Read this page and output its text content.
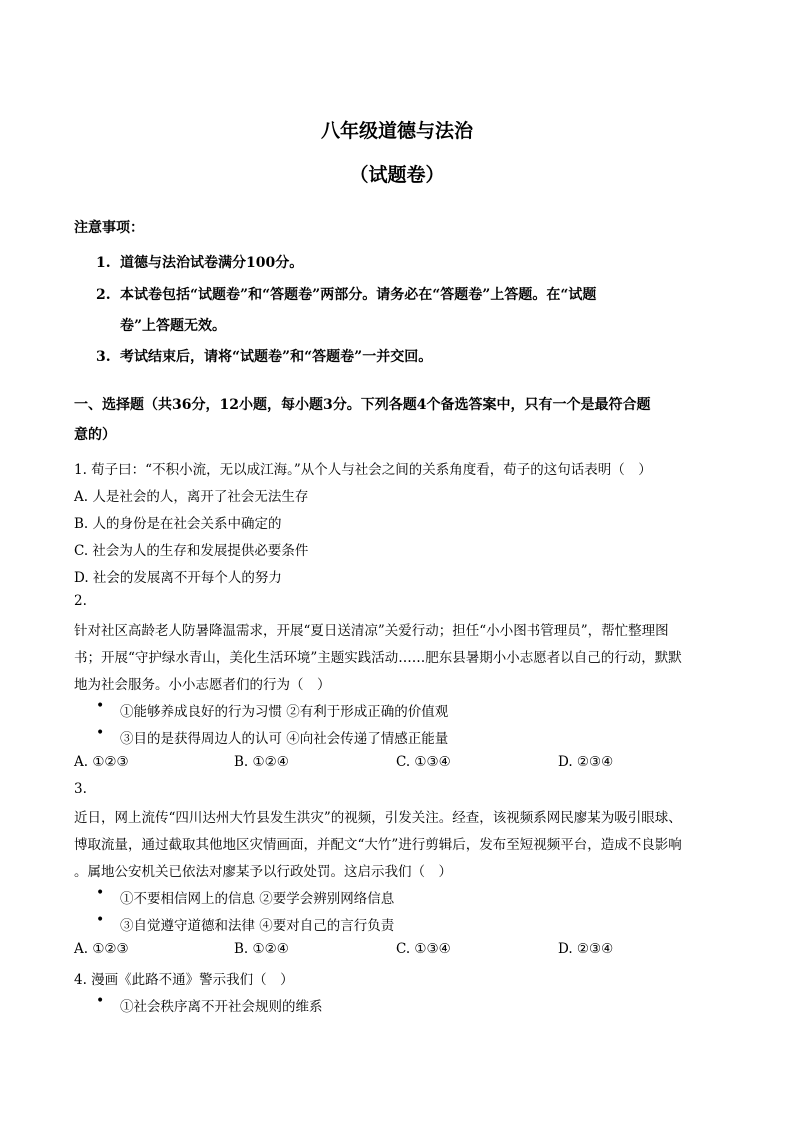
八年级道德与法治
（试题卷）
注意事项：
1. 道德与法治试卷满分100分。
2. 本试卷包括“试题卷”和“答题卷”两部分。请务必在“答题卷”上答题。在“试题
卷”上答题无效。
3. 考试结束后，请将“试题卷”和“答题卷”一并交回。
一、选择题（共36分，12小题，每小题3分。下列各题4个备选答案中，只有一个是最符合题
意的）
1. 荀子曰：“不积小流，无以成江海。”从个人与社会之间的关系角度看，荀子的这句话表明（　）
A. 人是社会的人，离开了社会无法生存
B. 人的身份是在社会关系中确定的
C. 社会为人的生存和发展提供必要条件
D. 社会的发展离不开每个人的努力
2.
针对社区高龄老人防暑降温需求，开展“夏日送清凉”关爱行动；担任“小小图书管理员”，帮忙整理图
书；开展“守护绿水青山，美化生活环境”主题实践活动……肥东县暑期小小志愿者以自己的行动，默默
地为社会服务。小小志愿者们的行为（　）
• ①能够养成良好的行为习惯 ②有利于形成正确的价值观
• ③目的是获得周边人的认可 ④向社会传递了情感正能量
A. ①②③	B. ①②④	C. ①③④	D. ②③④
3.
近日，网上流传“四川达州大竹县发生洪灾”的视频，引发关注。经查，该视频系网民廖某为吸引眼球、
博取流量，通过截取其他地区灾情画面，并配文“大竹”进行剪辑后，发布至短视频平台，造成不良影响
。属地公安机关已依法对廖某予以行政处罚。这启示我们（　）
• ①不要相信网上的信息 ②要学会辨别网络信息
• ③自觉遵守道德和法律 ④要对自己的言行负责
A. ①②③	B. ①②④	C. ①③④	D. ②③④
4. 漫画《此路不通》警示我们（　）
• ①社会秩序离不开社会规则的维系
